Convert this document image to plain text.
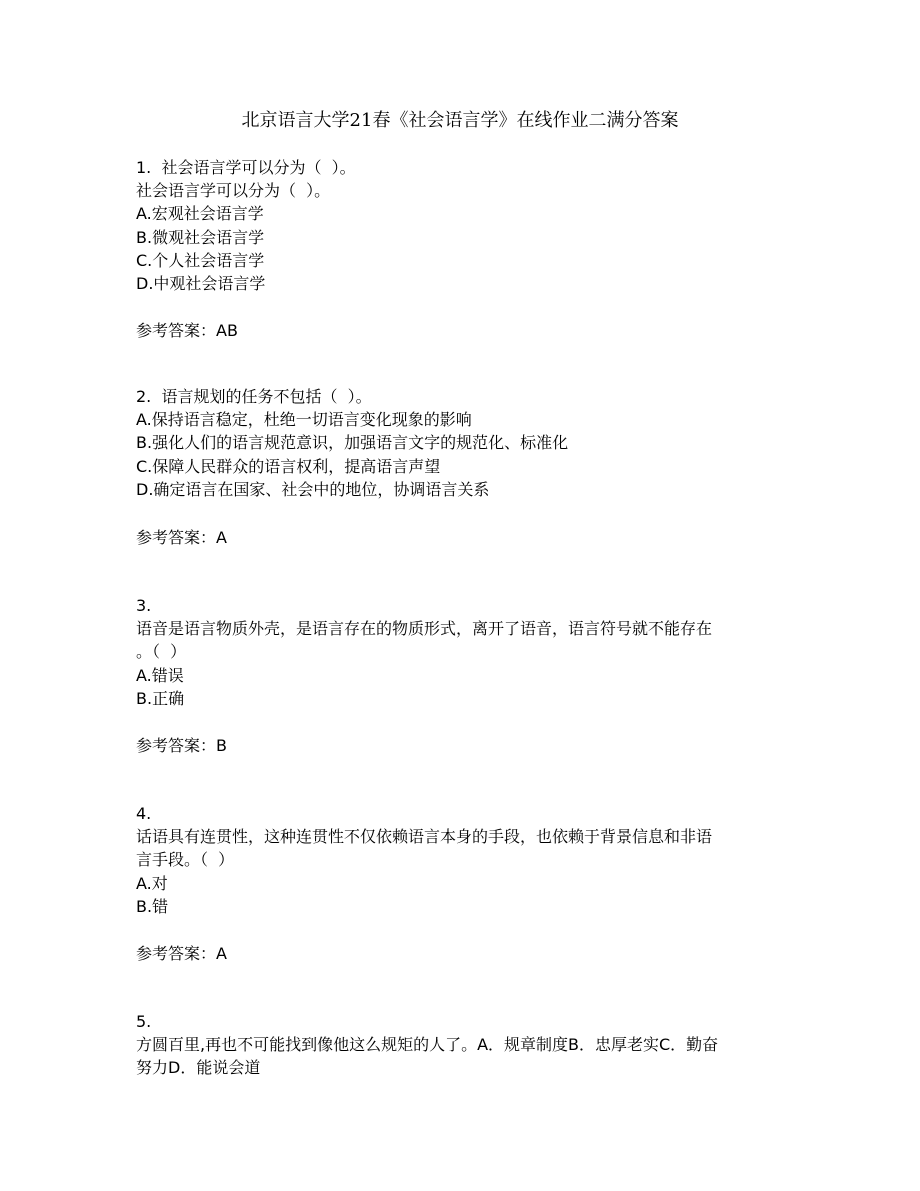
北京语言大学21春《社会语言学》在线作业二满分答案
1.  社会语言学可以分为（  ）。
社会语言学可以分为（  ）。
A.宏观社会语言学
B.微观社会语言学
C.个人社会语言学
D.中观社会语言学
参考答案：AB
2.  语言规划的任务不包括（  ）。
A.保持语言稳定，杜绝一切语言变化现象的影响
B.强化人们的语言规范意识，加强语言文字的规范化、标准化
C.保障人民群众的语言权利，提高语言声望
D.确定语言在国家、社会中的地位，协调语言关系
参考答案：A
3.
语音是语言物质外壳，是语言存在的物质形式，离开了语音，语言符号就不能存在
。（  ）
A.错误
B.正确
参考答案：B
4.
话语具有连贯性，这种连贯性不仅依赖语言本身的手段，也依赖于背景信息和非语
言手段。（  ）
A.对
B.错
参考答案：A
5.
方圆百里,再也不可能找到像他这么规矩的人了。A．规章制度B．忠厚老实C．勤奋
努力D．能说会道
